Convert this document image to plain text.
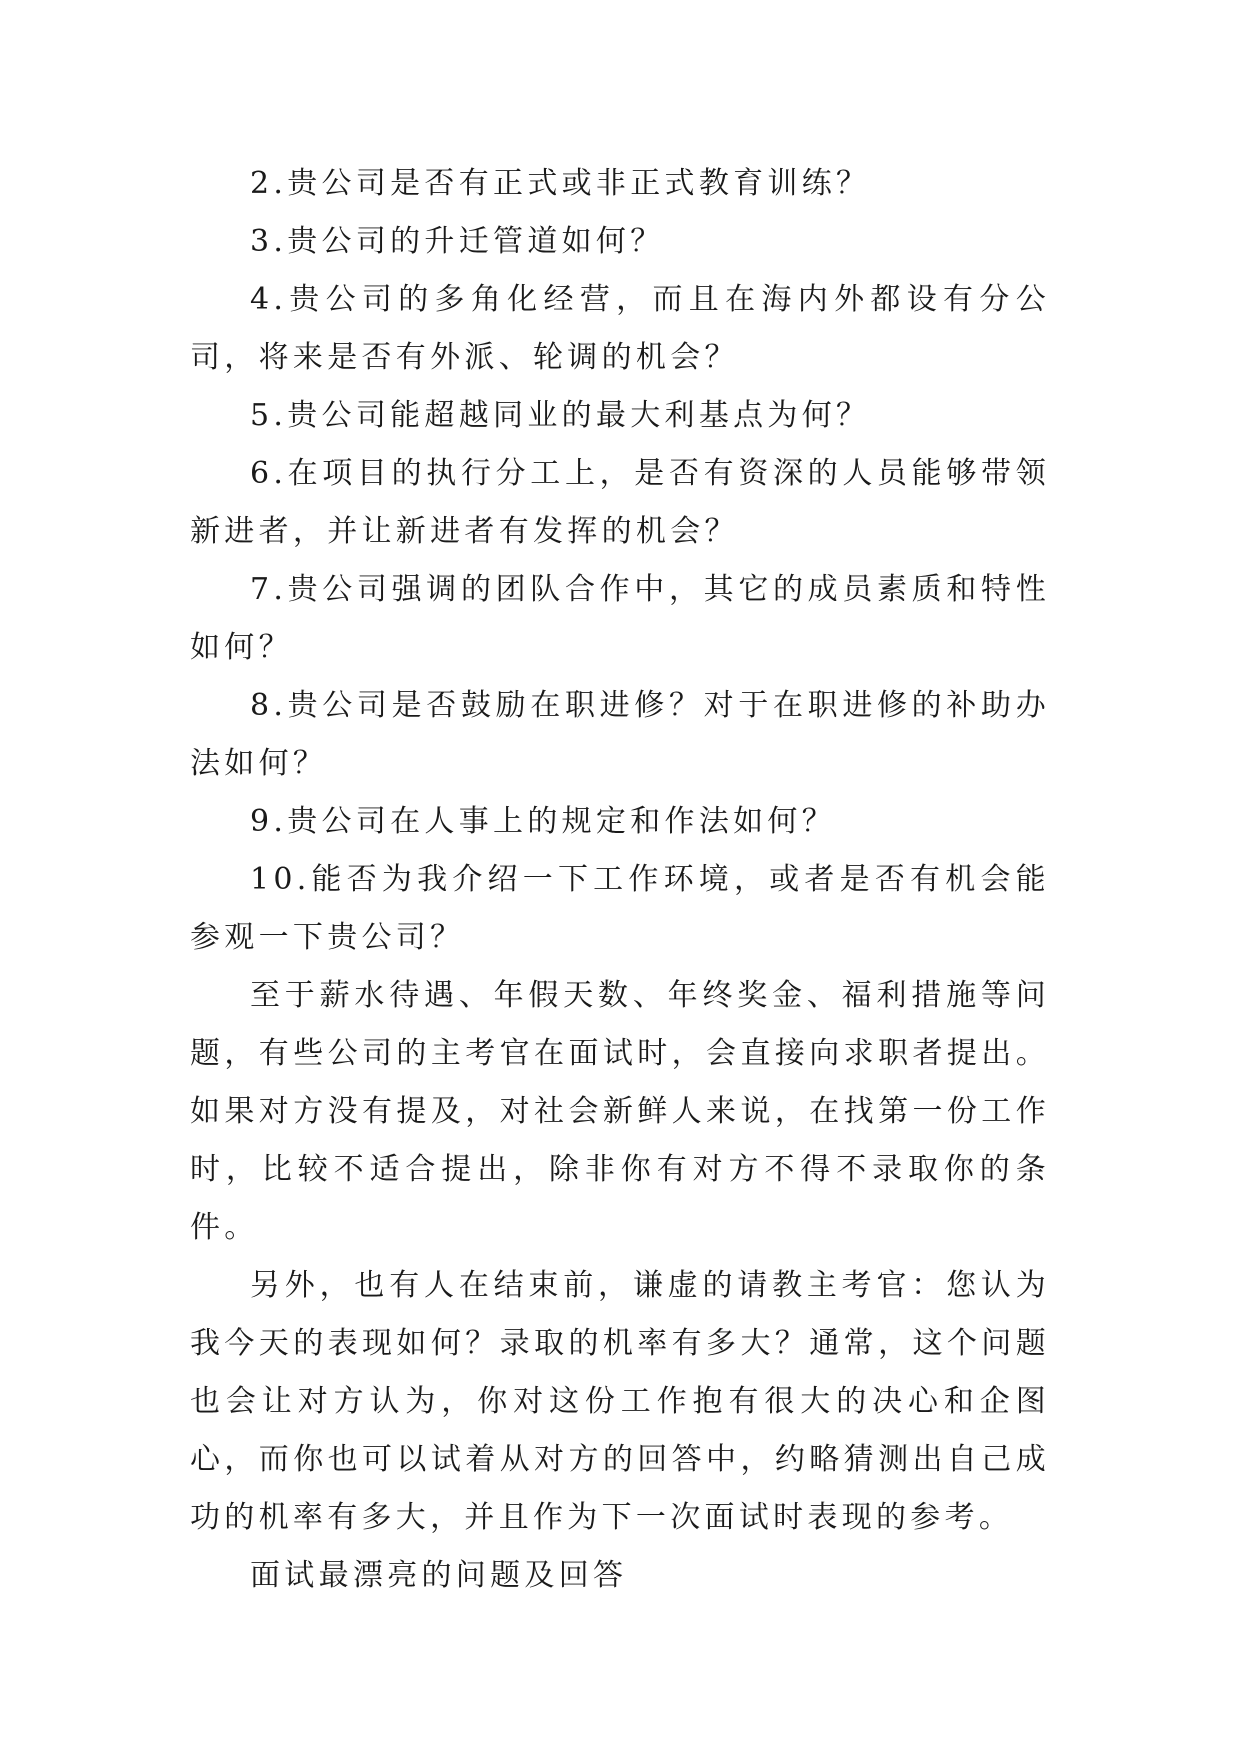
2.贵公司是否有正式或非正式教育训练？

3.贵公司的升迁管道如何？

4.贵公司的多角化经营，而且在海内外都设有分公司，将来是否有外派、轮调的机会？

5.贵公司能超越同业的最大利基点为何？

6.在项目的执行分工上，是否有资深的人员能够带领新进者，并让新进者有发挥的机会？

7.贵公司强调的团队合作中，其它的成员素质和特性如何？

8.贵公司是否鼓励在职进修？对于在职进修的补助办法如何？

9.贵公司在人事上的规定和作法如何？

10.能否为我介绍一下工作环境，或者是否有机会能参观一下贵公司？

至于薪水待遇、年假天数、年终奖金、福利措施等问题，有些公司的主考官在面试时，会直接向求职者提出。如果对方没有提及，对社会新鲜人来说，在找第一份工作时，比较不适合提出，除非你有对方不得不录取你的条件。

另外，也有人在结束前，谦虚的请教主考官：您认为我今天的表现如何？录取的机率有多大？通常，这个问题也会让对方认为，你对这份工作抱有很大的决心和企图心，而你也可以试着从对方的回答中，约略猜测出自己成功的机率有多大，并且作为下一次面试时表现的参考。

面试最漂亮的问题及回答
